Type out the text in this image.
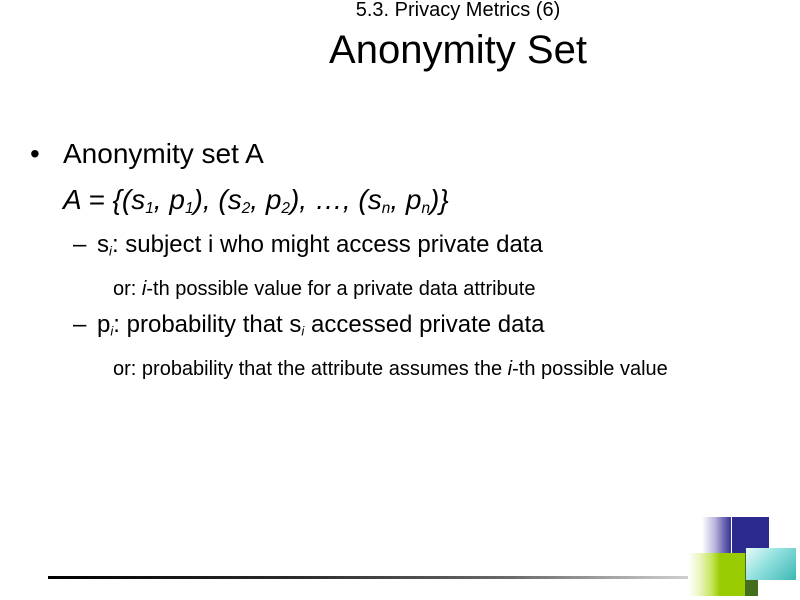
5.3. Privacy Metrics (6)
Anonymity Set
• Anonymity set A
$A = \{(s_1$, $p_1$), ($s_2$, $p_2$), …, ($s_n$, $p_n$)}
– $s_i$: subject i who might access private data
or: i-th possible value for a private data attribute
– $p_i$: probability that $s_i$ accessed private data
or: probability that the attribute assumes the i-th possible value
